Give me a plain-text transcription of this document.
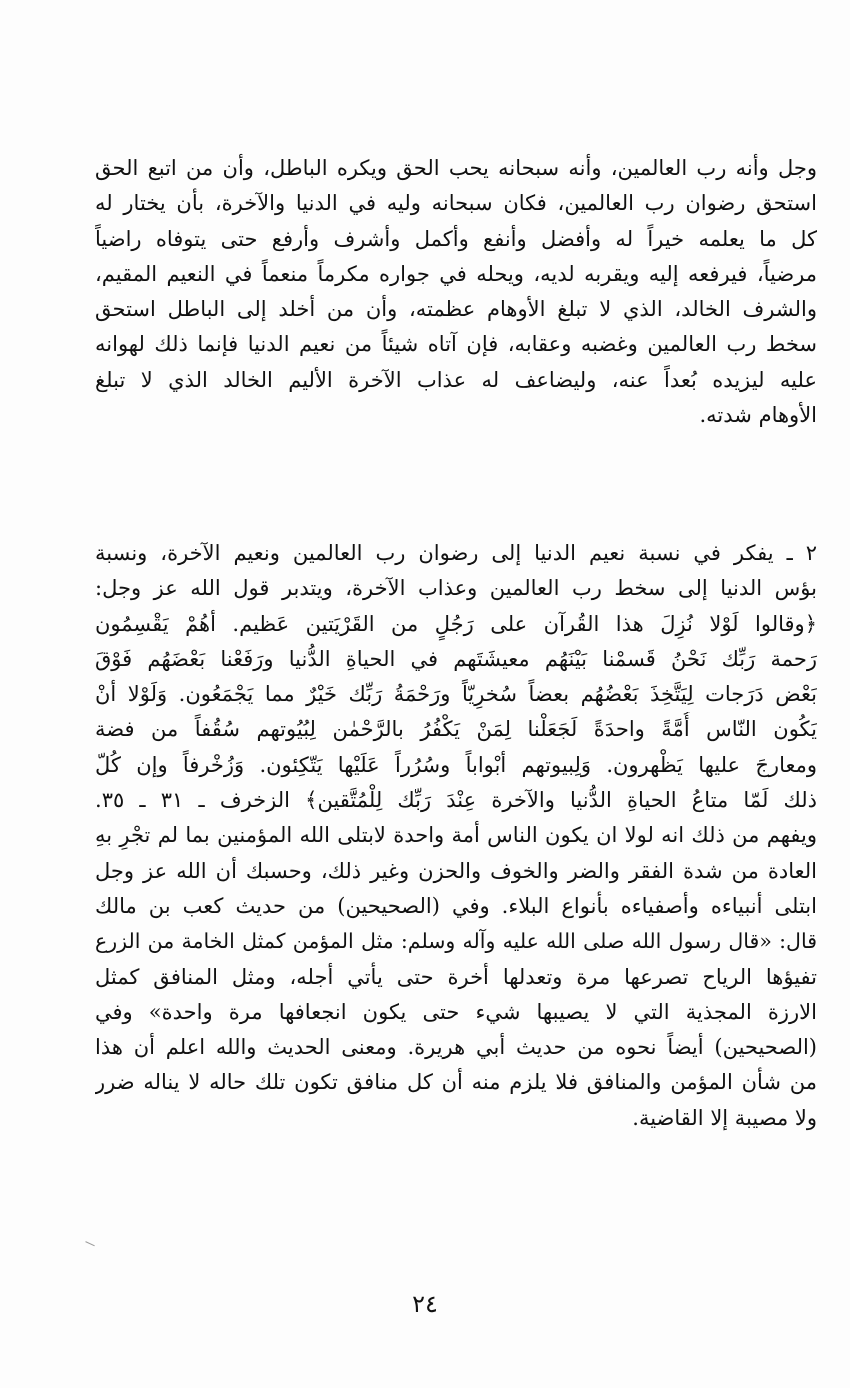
وجل وأنه رب العالمين، وأنه سبحانه يحب الحق ويكره الباطل، وأن من اتبع الحق
استحق رضوان رب العالمين، فكان سبحانه وليه في الدنيا والآخرة، بأن يختار له
كل ما يعلمه خيراً له وأفضل وأنفع وأكمل وأشرف وأرفع حتى يتوفاه راضياً
مرضياً، فيرفعه إليه ويقربه لديه، ويحله في جواره مكرماً منعماً في النعيم المقيم،
والشرف الخالد، الذي لا تبلغ الأوهام عظمته، وأن من أخلد إلى الباطل استحق
سخط رب العالمين وغضبه وعقابه، فإن آتاه شيئاً من نعيم الدنيا فإنما ذلك لهوانه
عليه ليزيده بُعداً عنه، وليضاعف له عذاب الآخرة الأليم الخالد الذي لا تبلغ
الأوهام شدته.
٢ ـ يفكر في نسبة نعيم الدنيا إلى رضوان رب العالمين ونعيم الآخرة، ونسبة
بؤس الدنيا إلى سخط رب العالمين وعذاب الآخرة، ويتدبر قول الله عز وجل:
﴿وقالوا لَوْلا نُزِلَ هذا القُرآن على رَجُلٍ من القَرْيَتين عَظيم. أهُمْ يَقْسِمُون
رَحمة رَبِّك نَحْنُ قَسمْنا بَيْنَهُم معيشَتَهم في الحياةِ الدُّنيا ورَفَعْنا بَعْضَهُم فَوْقَ
بَعْض دَرَجات لِيَتَّخِذَ بَعْضُهُم بعضاً سُخرِيّاً ورَحْمَةُ رَبِّك خَيْرٌ مما يَجْمَعُون. وَلَوْلا أنْ
يَكُون النّاس أُمَّةً واحدَةً لَجَعَلْنا لِمَنْ يَكْفُرُ بالرَّحْمٰن لِبُيُوتهم سُقُفاً من فضة
ومعارجَ عليها يَظْهرون. وَلِبيوتهم أبْواباً وسُرُراً عَلَيْها يَتّكِئون. وَزُخْرفاً وإن كُلّ
ذلك لَمّا متاعُ الحياةِ الدُّنيا والآخرة عِنْدَ رَبِّك لِلْمُتَّقين﴾ الزخرف ـ ٣١ ـ ٣٥.
ويفهم من ذلك انه لولا ان يكون الناس أمة واحدة لابتلى الله المؤمنين بما لم تجْرِ بهِ
العادة من شدة الفقر والضر والخوف والحزن وغير ذلك، وحسبك أن الله عز وجل
ابتلى أنبياءه وأصفياءه بأنواع البلاء. وفي (الصحيحين) من حديث كعب بن مالك
قال: «قال رسول الله صلى الله عليه وآله وسلم: مثل المؤمن كمثل الخامة من الزرع
تفيؤها الرياح تصرعها مرة وتعدلها أخرة حتى يأتي أجله، ومثل المنافق كمثل
الارزة المجذية التي لا يصيبها شيء حتى يكون انجعافها مرة واحدة» وفي
(الصحيحين) أيضاً نحوه من حديث أبي هريرة. ومعنى الحديث والله اعلم أن هذا
من شأن المؤمن والمنافق فلا يلزم منه أن كل منافق تكون تلك حاله لا يناله ضرر
ولا مصيبة إلا القاضية.
٢٤
